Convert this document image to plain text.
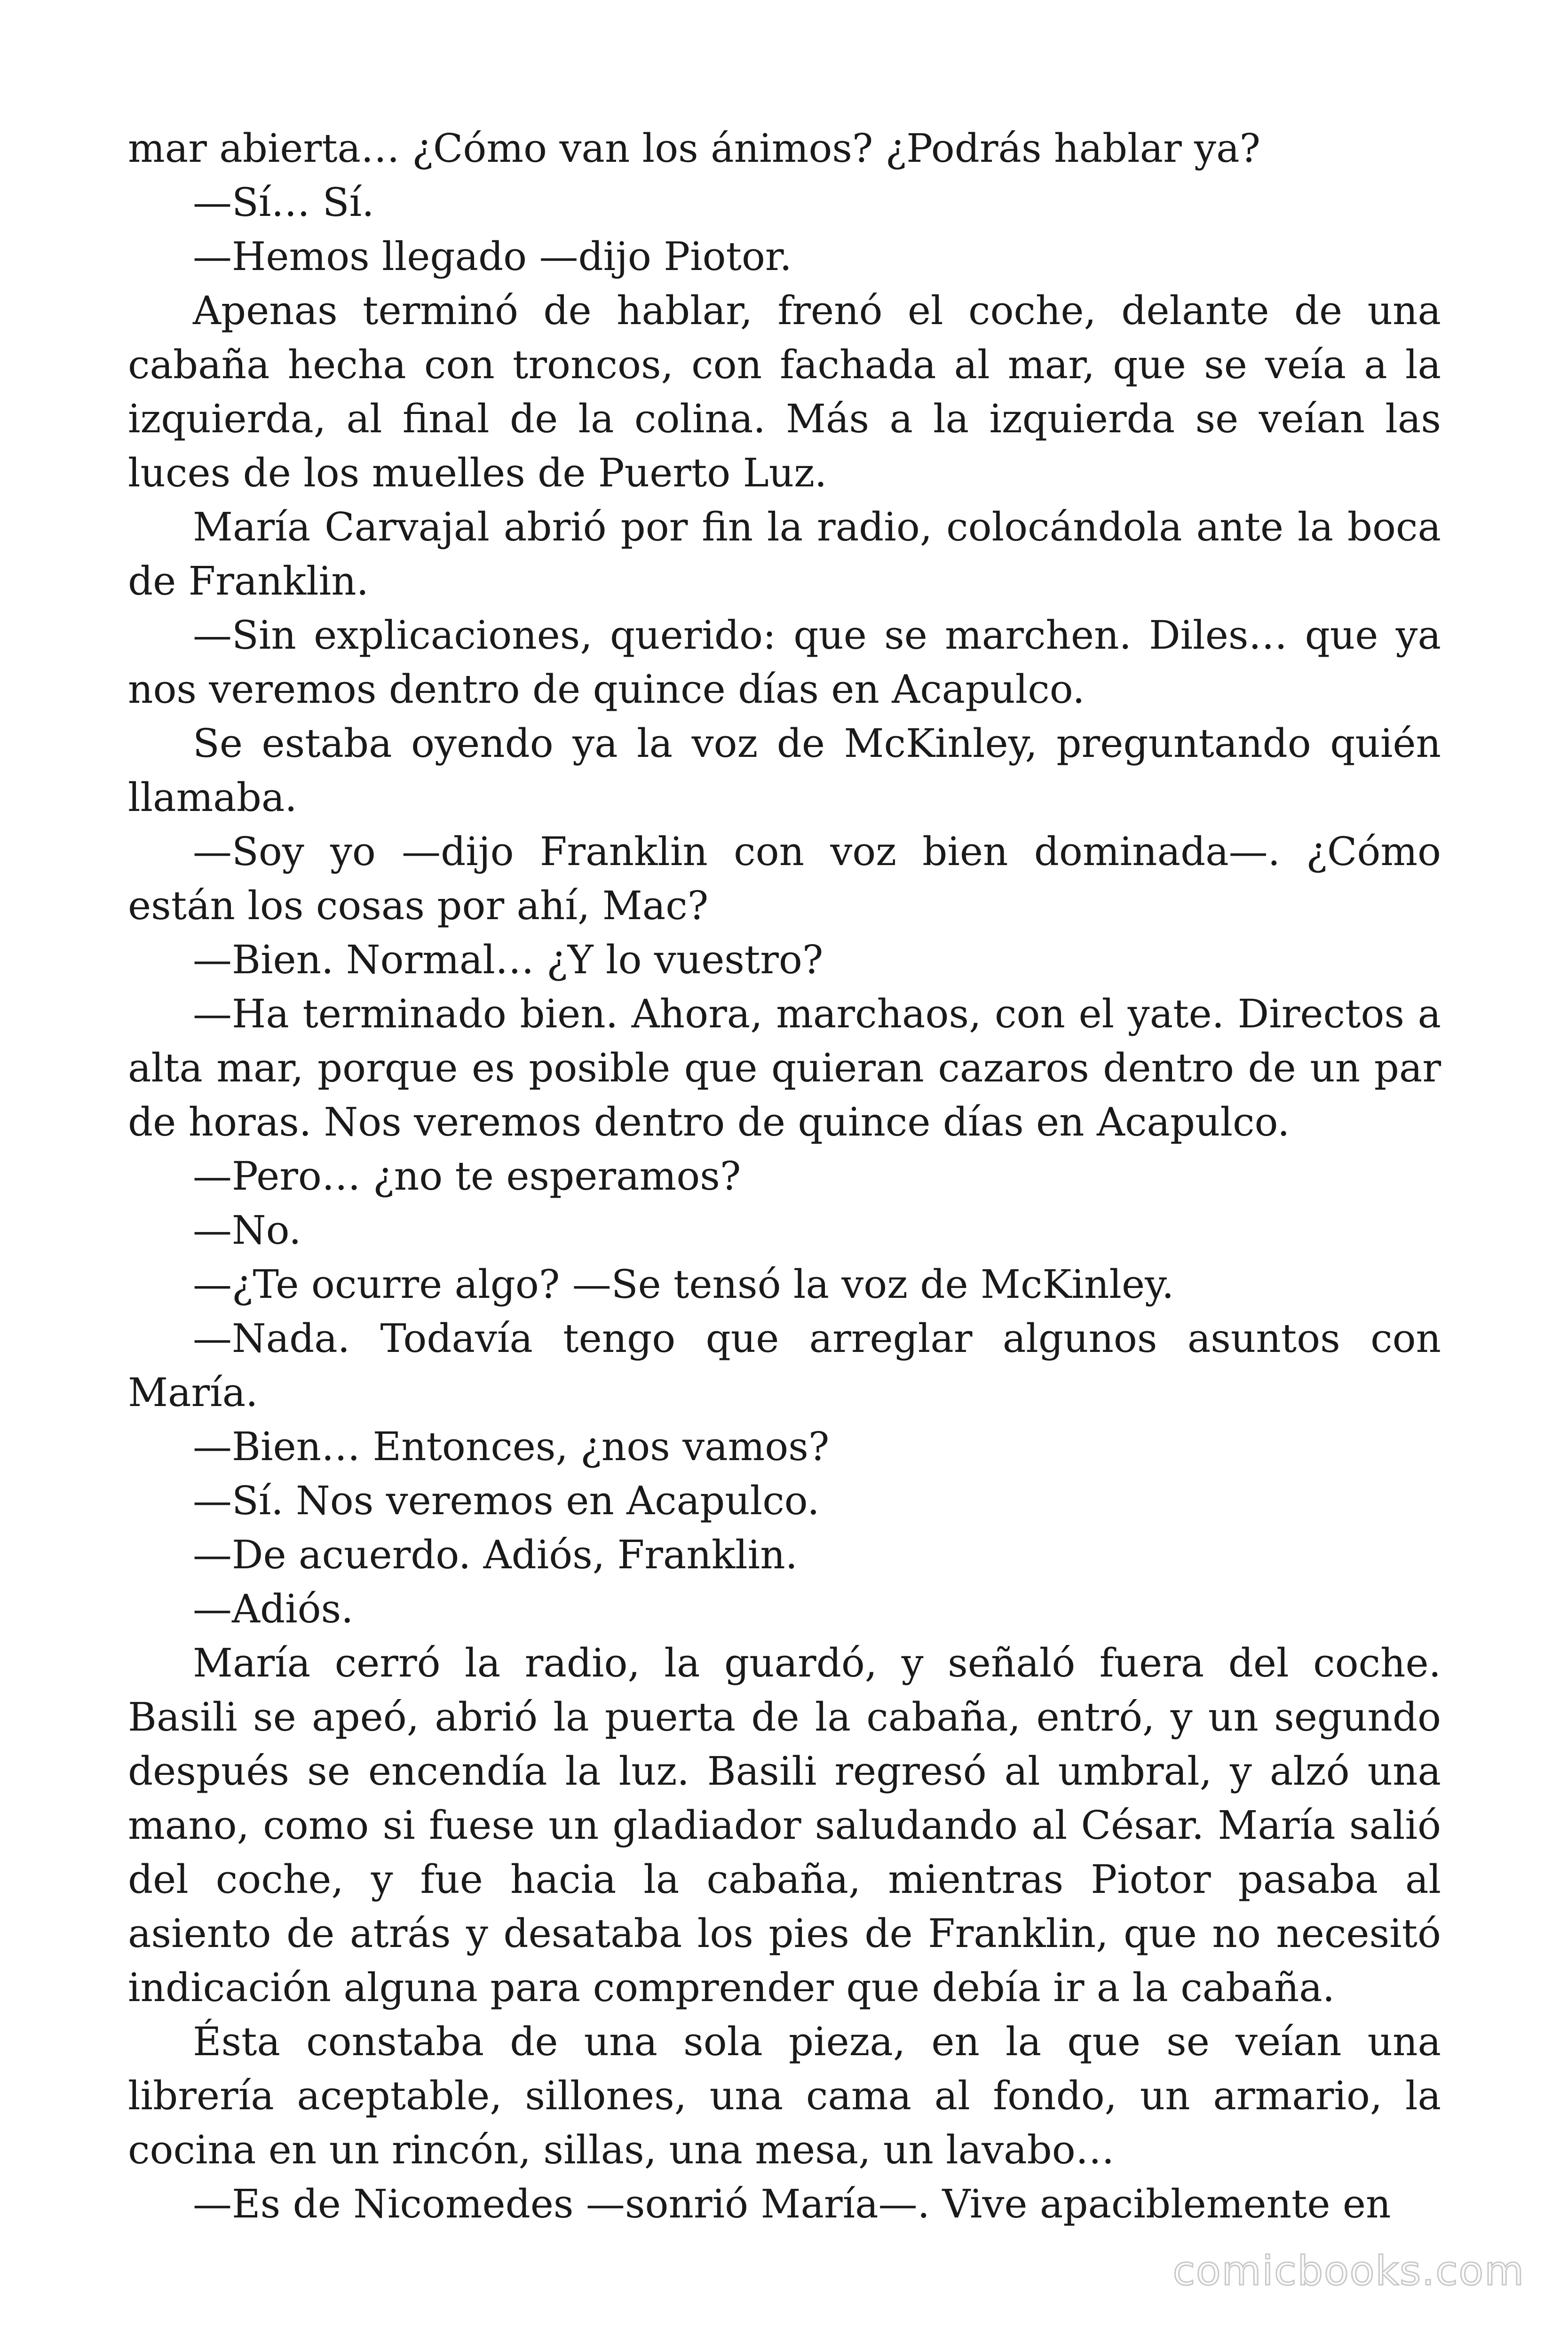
mar abierta… ¿Cómo van los ánimos? ¿Podrás hablar ya?

—Sí… Sí.

—Hemos llegado —dijo Piotor.

Apenas terminó de hablar, frenó el coche, delante de una cabaña hecha con troncos, con fachada al mar, que se veía a la izquierda, al final de la colina. Más a la izquierda se veían las luces de los muelles de Puerto Luz.

María Carvajal abrió por fin la radio, colocándola ante la boca de Franklin.

—Sin explicaciones, querido: que se marchen. Diles… que ya nos veremos dentro de quince días en Acapulco.

Se estaba oyendo ya la voz de McKinley, preguntando quién llamaba.

—Soy yo —dijo Franklin con voz bien dominada—. ¿Cómo están los cosas por ahí, Mac?

—Bien. Normal… ¿Y lo vuestro?

—Ha terminado bien. Ahora, marchaos, con el yate. Directos a alta mar, porque es posible que quieran cazaros dentro de un par de horas. Nos veremos dentro de quince días en Acapulco.

—Pero… ¿no te esperamos?

—No.

—¿Te ocurre algo? —Se tensó la voz de McKinley.

—Nada. Todavía tengo que arreglar algunos asuntos con María.

—Bien… Entonces, ¿nos vamos?

—Sí. Nos veremos en Acapulco.

—De acuerdo. Adiós, Franklin.

—Adiós.

María cerró la radio, la guardó, y señaló fuera del coche. Basili se apeó, abrió la puerta de la cabaña, entró, y un segundo después se encendía la luz. Basili regresó al umbral, y alzó una mano, como si fuese un gladiador saludando al César. María salió del coche, y fue hacia la cabaña, mientras Piotor pasaba al asiento de atrás y desataba los pies de Franklin, que no necesitó indicación alguna para comprender que debía ir a la cabaña.

Ésta constaba de una sola pieza, en la que se veían una librería aceptable, sillones, una cama al fondo, un armario, la cocina en un rincón, sillas, una mesa, un lavabo…

—Es de Nicomedes —sonrió María—. Vive apaciblemente en

comicbooks.com
